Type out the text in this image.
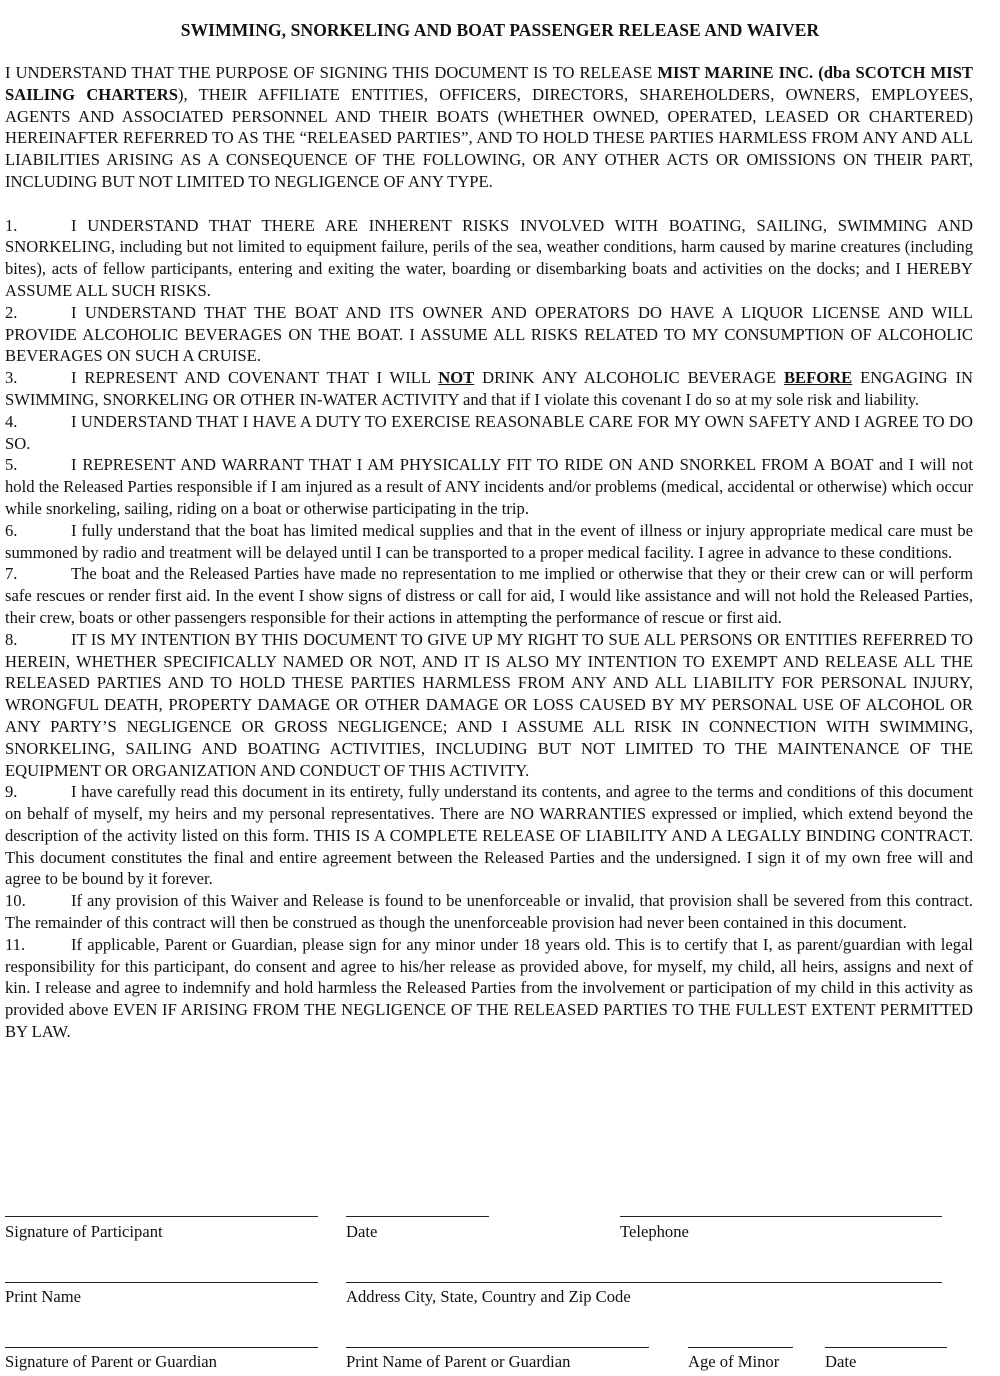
SWIMMING, SNORKELING AND BOAT PASSENGER RELEASE AND WAIVER

I UNDERSTAND THAT THE PURPOSE OF SIGNING THIS DOCUMENT IS TO RELEASE MIST MARINE INC. (dba SCOTCH MIST SAILING CHARTERS), THEIR AFFILIATE ENTITIES, OFFICERS, DIRECTORS, SHAREHOLDERS, OWNERS, EMPLOYEES, AGENTS AND ASSOCIATED PERSONNEL AND THEIR BOATS (WHETHER OWNED, OPERATED, LEASED OR CHARTERED) HEREINAFTER REFERRED TO AS THE “RELEASED PARTIES”, AND TO HOLD THESE PARTIES HARMLESS FROM ANY AND ALL LIABILITIES ARISING AS A CONSEQUENCE OF THE FOLLOWING, OR ANY OTHER ACTS OR OMISSIONS ON THEIR PART, INCLUDING BUT NOT LIMITED TO NEGLIGENCE OF ANY TYPE.

1.	I UNDERSTAND THAT THERE ARE INHERENT RISKS INVOLVED WITH BOATING, SAILING, SWIMMING AND SNORKELING, including but not limited to equipment failure, perils of the sea, weather conditions, harm caused by marine creatures (including bites), acts of fellow participants, entering and exiting the water, boarding or disembarking boats and activities on the docks; and I HEREBY ASSUME ALL SUCH RISKS.

2.	I UNDERSTAND THAT THE BOAT AND ITS OWNER AND OPERATORS DO HAVE A LIQUOR LICENSE AND WILL PROVIDE ALCOHOLIC BEVERAGES ON THE BOAT. I ASSUME ALL RISKS RELATED TO MY CONSUMPTION OF ALCOHOLIC BEVERAGES ON SUCH A CRUISE.

3.	I REPRESENT AND COVENANT THAT I WILL NOT DRINK ANY ALCOHOLIC BEVERAGE BEFORE ENGAGING IN SWIMMING, SNORKELING OR OTHER IN-WATER ACTIVITY and that if I violate this covenant I do so at my sole risk and liability.

4.	I UNDERSTAND THAT I HAVE A DUTY TO EXERCISE REASONABLE CARE FOR MY OWN SAFETY AND I AGREE TO DO SO.

5.	I REPRESENT AND WARRANT THAT I AM PHYSICALLY FIT TO RIDE ON AND SNORKEL FROM A BOAT and I will not hold the Released Parties responsible if I am injured as a result of ANY incidents and/or problems (medical, accidental or otherwise) which occur while snorkeling, sailing, riding on a boat or otherwise participating in the trip.

6.	I fully understand that the boat has limited medical supplies and that in the event of illness or injury appropriate medical care must be summoned by radio and treatment will be delayed until I can be transported to a proper medical facility. I agree in advance to these conditions.

7.	The boat and the Released Parties have made no representation to me implied or otherwise that they or their crew can or will perform safe rescues or render first aid. In the event I show signs of distress or call for aid, I would like assistance and will not hold the Released Parties, their crew, boats or other passengers responsible for their actions in attempting the performance of rescue or first aid.

8.	IT IS MY INTENTION BY THIS DOCUMENT TO GIVE UP MY RIGHT TO SUE ALL PERSONS OR ENTITIES REFERRED TO HEREIN, WHETHER SPECIFICALLY NAMED OR NOT, AND IT IS ALSO MY INTENTION TO EXEMPT AND RELEASE ALL THE RELEASED PARTIES AND TO HOLD THESE PARTIES HARMLESS FROM ANY AND ALL LIABILITY FOR PERSONAL INJURY, WRONGFUL DEATH, PROPERTY DAMAGE OR OTHER DAMAGE OR LOSS CAUSED BY MY PERSONAL USE OF ALCOHOL OR ANY PARTY’S NEGLIGENCE OR GROSS NEGLIGENCE; AND I ASSUME ALL RISK IN CONNECTION WITH SWIMMING, SNORKELING, SAILING AND BOATING ACTIVITIES, INCLUDING BUT NOT LIMITED TO THE MAINTENANCE OF THE EQUIPMENT OR ORGANIZATION AND CONDUCT OF THIS ACTIVITY.

9.	I have carefully read this document in its entirety, fully understand its contents, and agree to the terms and conditions of this document on behalf of myself, my heirs and my personal representatives. There are NO WARRANTIES expressed or implied, which extend beyond the description of the activity listed on this form. THIS IS A COMPLETE RELEASE OF LIABILITY AND A LEGALLY BINDING CONTRACT. This document constitutes the final and entire agreement between the Released Parties and the undersigned. I sign it of my own free will and agree to be bound by it forever.

10.	If any provision of this Waiver and Release is found to be unenforceable or invalid, that provision shall be severed from this contract. The remainder of this contract will then be construed as though the unenforceable provision had never been contained in this document.

11.	If applicable, Parent or Guardian, please sign for any minor under 18 years old. This is to certify that I, as parent/guardian with legal responsibility for this participant, do consent and agree to his/her release as provided above, for myself, my child, all heirs, assigns and next of kin. I release and agree to indemnify and hold harmless the Released Parties from the involvement or participation of my child in this activity as provided above EVEN IF ARISING FROM THE NEGLIGENCE OF THE RELEASED PARTIES TO THE FULLEST EXTENT PERMITTED BY LAW.

Signature of Participant	Date	Telephone
Print Name	Address City, State, Country and Zip Code
Signature of Parent or Guardian	Print Name of Parent or Guardian	Age of Minor	Date
